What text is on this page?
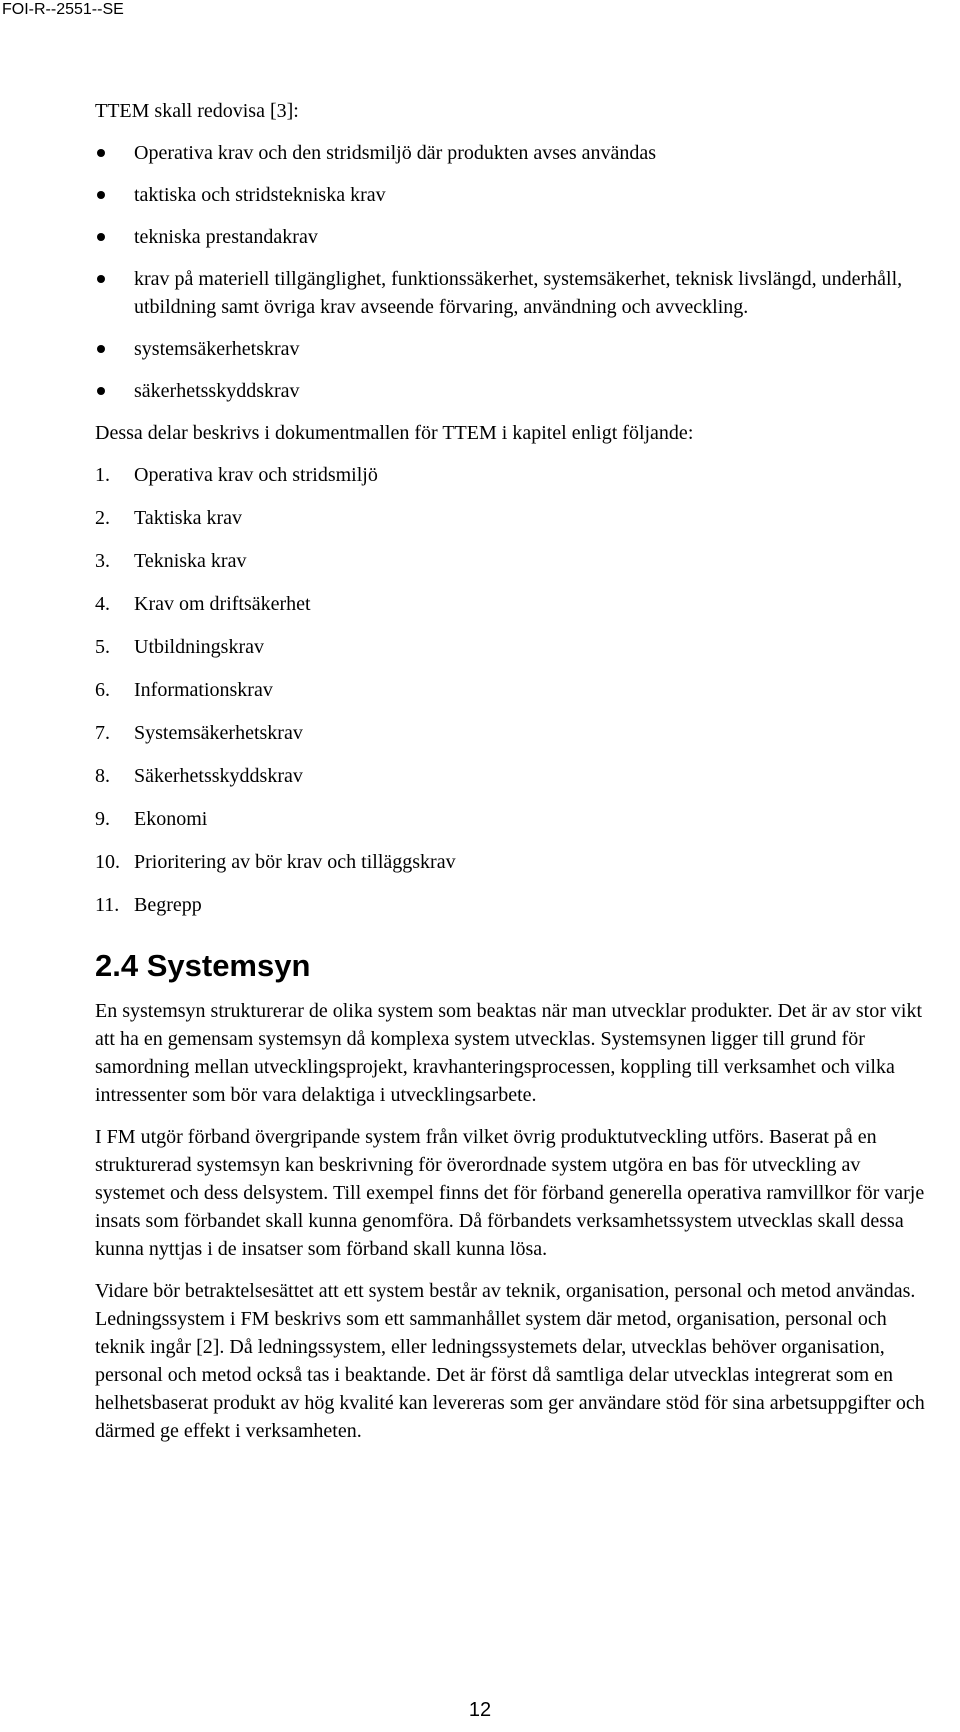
FOI-R--2551--SE

TTEM skall redovisa [3]:

Operativa krav och den stridsmiljö där produkten avses användas
taktiska och stridstekniska krav
tekniska prestandakrav
krav på materiell tillgänglighet, funktionssäkerhet, systemsäkerhet, teknisk livslängd, underhåll, utbildning samt övriga krav avseende förvaring, användning och avveckling.
systemsäkerhetskrav
säkerhetsskyddskrav

Dessa delar beskrivs i dokumentmallen för TTEM i kapitel enligt följande:

1.	Operativa krav och stridsmiljö
2.	Taktiska krav
3.	Tekniska krav
4.	Krav om driftsäkerhet
5.	Utbildningskrav
6.	Informationskrav
7.	Systemsäkerhetskrav
8.	Säkerhetsskyddskrav
9.	Ekonomi
10. Prioritering av bör krav och tilläggskrav
11. Begrepp
2.4 Systemsyn

En systemsyn strukturerar de olika system som beaktas när man utvecklar produkter. Det är av stor vikt att ha en gemensam systemsyn då komplexa system utvecklas. Systemsynen ligger till grund för samordning mellan utvecklingsprojekt, kravhanteringsprocessen, koppling till verksamhet och vilka intressenter som bör vara delaktiga i utvecklingsarbete.

I FM utgör förband övergripande system från vilket övrig produktutveckling utförs. Baserat på en strukturerad systemsyn kan beskrivning för överordnade system utgöra en bas för utveckling av systemet och dess delsystem. Till exempel finns det för förband generella operativa ramvillkor för varje insats som förbandet skall kunna genomföra. Då förbandets verksamhetssystem utvecklas skall dessa kunna nyttjas i de insatser som förband skall kunna lösa.

Vidare bör betraktelsesättet att ett system består av teknik, organisation, personal och metod användas. Ledningssystem i FM beskrivs som ett sammanhållet system där metod, organisation, personal och teknik ingår [2]. Då ledningssystem, eller ledningssystemets delar, utvecklas behöver organisation, personal och metod också tas i beaktande. Det är först då samtliga delar utvecklas integrerat som en helhetsbaserat produkt av hög kvalité kan levereras som ger användare stöd för sina arbetsuppgifter och därmed ge effekt i verksamheten.

12
